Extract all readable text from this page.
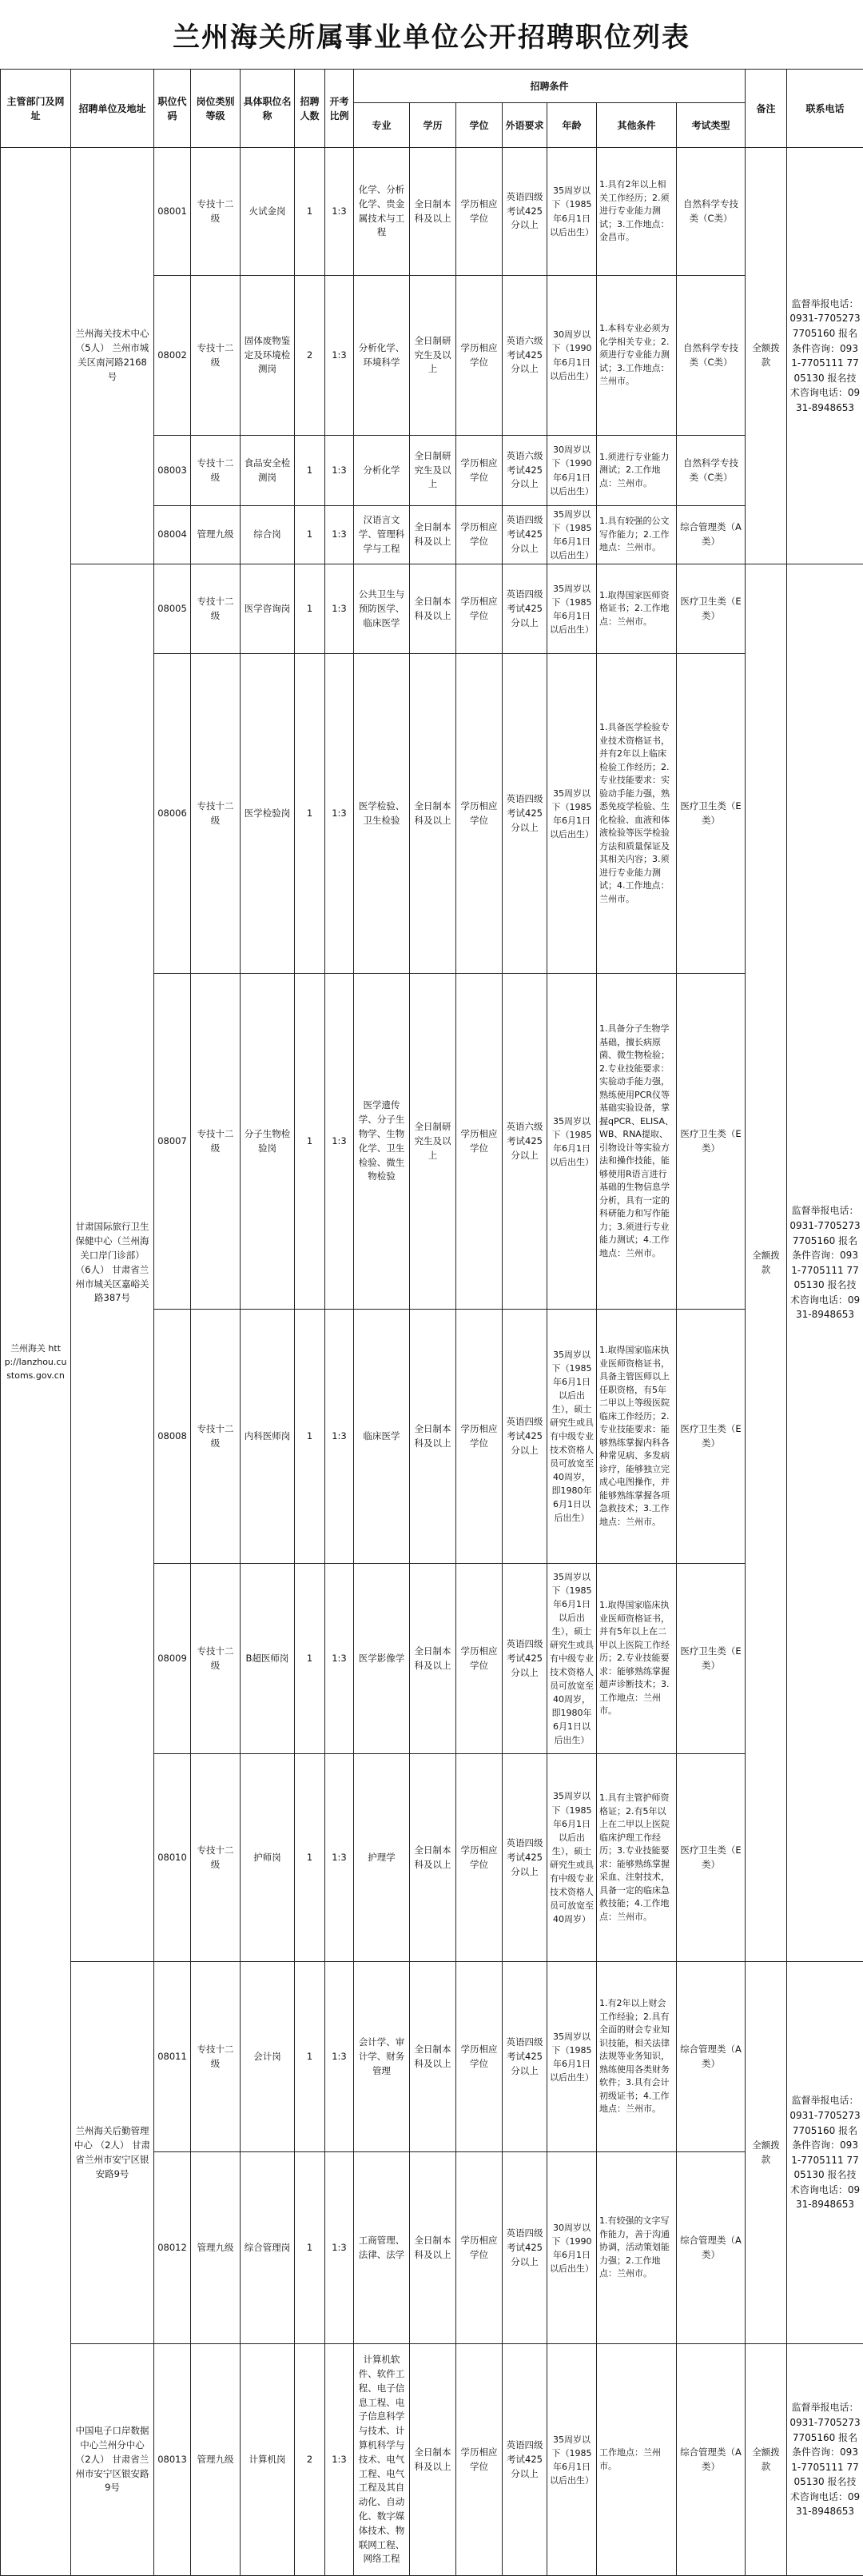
兰州海关所属事业单位公开招聘职位列表
主管部门及网址	招聘单位及地址	职位代码	岗位类别等级	具体职位名称	招聘人数	开考比例	招聘条件							备注	联系电话
							专业	学历	学位	外语要求	年龄	其他条件	考试类型		
兰州海关 http://lanzhou.customs.gov.cn	兰州海关技术中心 （5人） 兰州市城关区南河路2168号	08001	专技十二级	火试金岗	1	1:3	化学、分析化学、贵金属技术与工程	全日制本科及以上	学历相应学位	英语四级考试425分以上	35周岁以下（1985年6月1日以后出生）	1.具有2年以上相关工作经历；2.须进行专业能力测试；3.工作地点：金昌市。	自然科学专技类（C类）	全额拨款	监督举报电话：0931-7705273 7705160 报名条件咨询：0931-7705111 7705130 报名技术咨询电话：0931-8948653
		08002	专技十二级	固体废物鉴定及环境检测岗	2	1:3	分析化学、环境科学	全日制研究生及以上	学历相应学位	英语六级考试425分以上	30周岁以下（1990年6月1日以后出生）	1.本科专业必须为化学相关专业；2.须进行专业能力测试；3.工作地点：兰州市。	自然科学专技类（C类）		
		08003	专技十二级	食品安全检测岗	1	1:3	分析化学	全日制研究生及以上	学历相应学位	英语六级考试425分以上	30周岁以下（1990年6月1日以后出生）	1.须进行专业能力测试；2.工作地点：兰州市。	自然科学专技类（C类）		
		08004	管理九级	综合岗	1	1:3	汉语言文学、管理科学与工程	全日制本科及以上	学历相应学位	英语四级考试425分以上	35周岁以下（1985年6月1日以后出生）	1.具有较强的公文写作能力；2.工作地点：兰州市。	综合管理类（A类）		
	甘肃国际旅行卫生保健中心（兰州海关口岸门诊部） （6人） 甘肃省兰州市城关区嘉峪关路387号	08005	专技十二级	医学咨询岗	1	1:3	公共卫生与预防医学、临床医学	全日制本科及以上	学历相应学位	英语四级考试425分以上	35周岁以下（1985年6月1日以后出生）	1.取得国家医师资格证书；2.工作地点：兰州市。	医疗卫生类（E类）	全额拨款	监督举报电话：0931-7705273 7705160 报名条件咨询：0931-7705111 7705130 报名技术咨询电话：0931-8948653
		08006	专技十二级	医学检验岗	1	1:3	医学检验、卫生检验	全日制本科及以上	学历相应学位	英语四级考试425分以上	35周岁以下（1985年6月1日以后出生）	1.具备医学检验专业技术资格证书，并有2年以上临床检验工作经历；2.专业技能要求：实验动手能力强，熟悉免疫学检验、生化检验、血液和体液检验等医学检验方法和质量保证及其相关内容；3.须进行专业能力测试；4.工作地点：兰州市。	医疗卫生类（E类）		
		08007	专技十二级	分子生物检验岗	1	1:3	医学遗传学、分子生物学、生物化学、卫生检验、微生物检验	全日制研究生及以上	学历相应学位	英语六级考试425分以上	35周岁以下（1985年6月1日以后出生）	1.具备分子生物学基础，擅长病原菌、微生物检验；2.专业技能要求：实验动手能力强，熟练使用PCR仪等基础实验设备，掌握qPCR、ELISA、WB、RNA提取、引物设计等实验方法和操作技能，能够使用R语言进行基础的生物信息学分析，具有一定的科研能力和写作能力；3.须进行专业能力测试；4.工作地点：兰州市。	医疗卫生类（E类）		
		08008	专技十二级	内科医师岗	1	1:3	临床医学	全日制本科及以上	学历相应学位	英语四级考试425分以上	35周岁以下（1985年6月1日以后出生），硕士研究生或具有中级专业技术资格人员可放宽至40周岁，即1980年6月1日以后出生）	1.取得国家临床执业医师资格证书，具备主管医师以上任职资格，有5年二甲以上等级医院临床工作经历；2.专业技能要求：能够熟练掌握内科各种常见病、多发病诊疗，能够独立完成心电图操作，并能够熟练掌握各项急救技术；3.工作地点：兰州市。	医疗卫生类（E类）		
		08009	专技十二级	B超医师岗	1	1:3	医学影像学	全日制本科及以上	学历相应学位	英语四级考试425分以上	35周岁以下（1985年6月1日以后出生），硕士研究生或具有中级专业技术资格人员可放宽至40周岁，即1980年6月1日以后出生）	1.取得国家临床执业医师资格证书，并有5年以上在二甲以上医院工作经历；2.专业技能要求：能够熟练掌握超声诊断技术；3.工作地点：兰州市。	医疗卫生类（E类）		
		08010	专技十二级	护师岗	1	1:3	护理学	全日制本科及以上	学历相应学位	英语四级考试425分以上	35周岁以下（1985年6月1日以后出生），硕士研究生或具有中级专业技术资格人员可放宽至40周岁）	1.具有主管护师资格证；2.有5年以上在二甲以上医院临床护理工作经历；3.专业技能要求：能够熟练掌握采血、注射技术，具备一定的临床急救技能；4.工作地点：兰州市。	医疗卫生类（E类）		
	兰州海关后勤管理中心 （2人） 甘肃省兰州市安宁区银安路9号	08011	专技十二级	会计岗	1	1:3	会计学、审计学、财务管理	全日制本科及以上	学历相应学位	英语四级考试425分以上	35周岁以下（1985年6月1日以后出生）	1.有2年以上财会工作经验；2.具有全面的财会专业知识技能，相关法律法规等业务知识，熟练使用各类财务软件；3.具有会计初级证书；4.工作地点：兰州市。	综合管理类（A类）	全额拨款	监督举报电话：0931-7705273 7705160 报名条件咨询：0931-7705111 7705130 报名技术咨询电话：0931-8948653
		08012	管理九级	综合管理岗	1	1:3	工商管理、法律、法学	全日制本科及以上	学历相应学位	英语四级考试425分以上	30周岁以下（1990年6月1日以后出生）	1.有较强的文字写作能力，善于沟通协调，活动策划能力强；2.工作地点：兰州市。	综合管理类（A类）		
	中国电子口岸数据中心兰州分中心 （2人） 甘肃省兰州市安宁区银安路9号	08013	管理九级	计算机岗	2	1:3	计算机软件、软件工程、电子信息工程、电子信息科学与技术、计算机科学与技术、电气工程、电气工程及其自动化、自动化、数字媒体技术、物联网工程、网络工程	全日制本科及以上	学历相应学位	英语四级考试425分以上	35周岁以下（1985年6月1日以后出生）	工作地点：兰州市。	综合管理类（A类）	全额拨款	监督举报电话：0931-7705273 7705160 报名条件咨询：0931-7705111 7705130 报名技术咨询电话：0931-8948653
